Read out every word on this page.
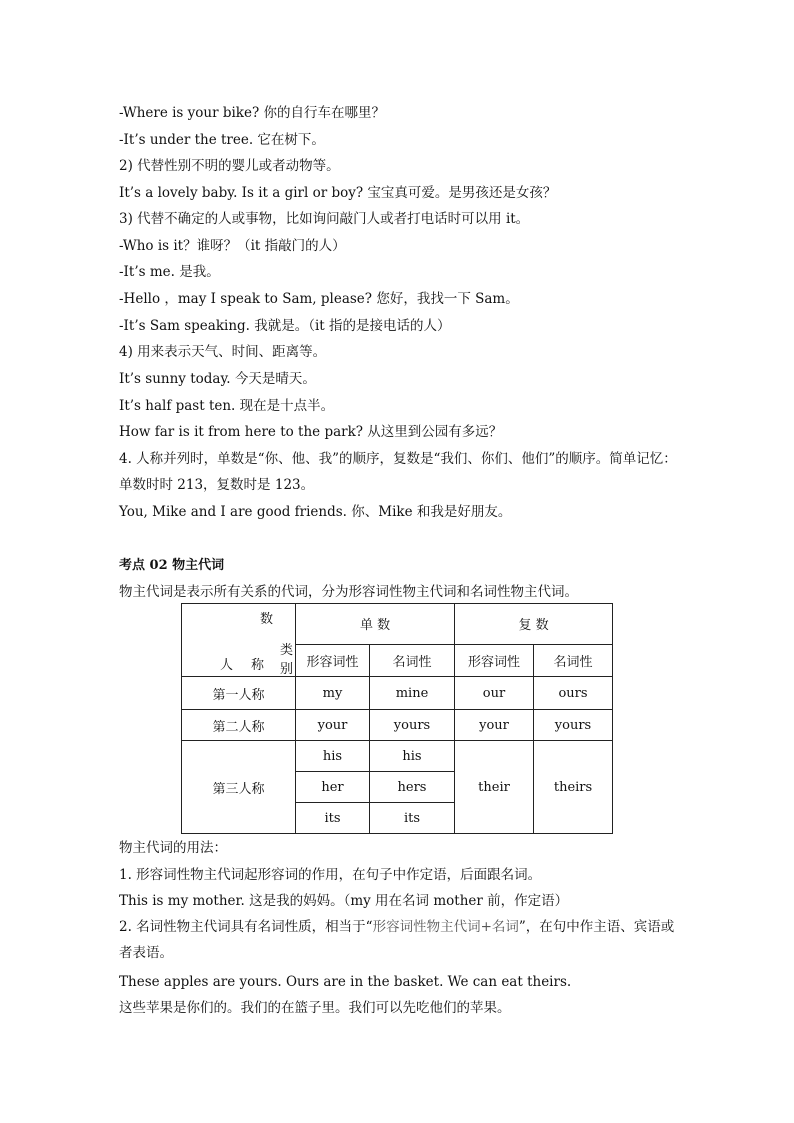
-Where is your bike? 你的自行车在哪里？
-It’s under the tree. 它在树下。
2) 代替性别不明的婴儿或者动物等。
It’s a lovely baby. Is it a girl or boy? 宝宝真可爱。是男孩还是女孩？
3) 代替不确定的人或事物，比如询问敲门人或者打电话时可以用 it。
-Who is it？谁呀？（it 指敲门的人）
-It’s me. 是我。
-Hello ，may I speak to Sam, please? 您好，我找一下 Sam。
-It’s Sam speaking. 我就是。（it 指的是接电话的人）
4) 用来表示天气、时间、距离等。
It’s sunny today. 今天是晴天。
It’s half past ten. 现在是十点半。
How far is it from here to the park? 从这里到公园有多远？
4. 人称并列时，单数是“你、他、我”的顺序，复数是“我们、你们、他们”的顺序。简单记忆：单数时时 213，复数时是 123。
You, Mike and I are good friends. 你、Mike 和我是好朋友。
考点 02 物主代词
物主代词是表示所有关系的代词，分为形容词性物主代词和名词性物主代词。
数
类别
人称	单 数		复 数	
	形容词性	名词性	形容词性	名词性
第一人称	my	mine	our	ours
第二人称	your	yours	your	yours
第三人称	his	his	their	theirs
	her	hers		
	its	its		
物主代词的用法：
1. 形容词性物主代词起形容词的作用，在句子中作定语，后面跟名词。
This is my mother. 这是我的妈妈。（my 用在名词 mother 前，作定语）
2. 名词性物主代词具有名词性质，相当于“形容词性物主代词+名词”，在句中作主语、宾语或者表语。
These apples are yours. Ours are in the basket. We can eat theirs.
这些苹果是你们的。我们的在篮子里。我们可以先吃他们的苹果。
